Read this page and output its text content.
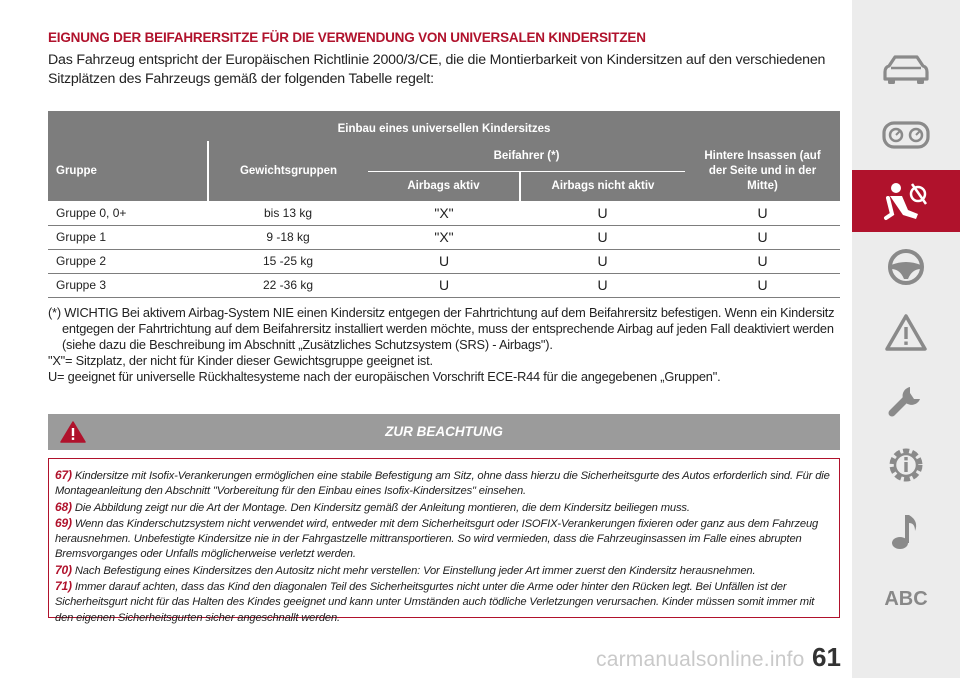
EIGNUNG DER BEIFAHRERSITZE FÜR DIE VERWENDUNG VON UNIVERSALEN KINDERSITZEN
Das Fahrzeug entspricht der Europäischen Richtlinie 2000/3/CE, die die Montierbarkeit von Kindersitzen auf den verschiedenen Sitzplätzen des Fahrzeugs gemäß der folgenden Tabelle regelt:
Einbau eines universellen Kindersitzes				
Gruppe	Gewichtsgruppen	Beifahrer (*)		Hintere Insassen (auf der Seite und in der Mitte)
		Airbags aktiv	Airbags nicht aktiv	
Gruppe 0, 0+	bis 13 kg	"X"	U	U
Gruppe 1	9 -18 kg	"X"	U	U
Gruppe 2	15 -25 kg	U	U	U
Gruppe 3	22 -36 kg	U	U	U
(*) WICHTIG Bei aktivem Airbag-System NIE einen Kindersitz entgegen der Fahrtrichtung auf dem Beifahrersitz befestigen. Wenn ein Kindersitz
entgegen der Fahrtrichtung auf dem Beifahrersitz installiert werden möchte, muss der entsprechende Airbag auf jeden Fall deaktiviert werden
(siehe dazu die Beschreibung im Abschnitt „Zusätzliches Schutzsystem (SRS) - Airbags").
"X"= Sitzplatz, der nicht für Kinder dieser Gewichtsgruppe geeignet ist.
U= geeignet für universelle Rückhaltesysteme nach der europäischen Vorschrift ECE-R44 für die angegebenen „Gruppen".
ZUR BEACHTUNG
67) Kindersitze mit Isofix-Verankerungen ermöglichen eine stabile Befestigung am Sitz, ohne dass hierzu die Sicherheitsgurte des Autos erforderlich sind. Für die Montageanleitung den Abschnitt "Vorbereitung für den Einbau eines Isofix-Kindersitzes" einsehen.
68) Die Abbildung zeigt nur die Art der Montage. Den Kindersitz gemäß der Anleitung montieren, die dem Kindersitz beiliegen muss.
69) Wenn das Kinderschutzsystem nicht verwendet wird, entweder mit dem Sicherheitsgurt oder ISOFIX-Verankerungen fixieren oder ganz aus dem Fahrzeug herausnehmen. Unbefestigte Kindersitze nie in der Fahrgastzelle mittransportieren. So wird vermieden, dass die Fahrzeuginsassen im Falle eines abrupten Bremsvorganges oder Unfalls möglicherweise verletzt werden.
70) Nach Befestigung eines Kindersitzes den Autositz nicht mehr verstellen: Vor Einstellung jeder Art immer zuerst den Kindersitz herausnehmen.
71) Immer darauf achten, dass das Kind den diagonalen Teil des Sicherheitsgurtes nicht unter die Arme oder hinter den Rücken legt. Bei Unfällen ist der Sicherheitsgurt nicht für das Halten des Kindes geeignet und kann unter Umständen auch tödliche Verletzungen verursachen. Kinder müssen somit immer mit den eigenen Sicherheitsgurten sicher angeschnallt werden.
ABC
carmanualsonline.info 61
